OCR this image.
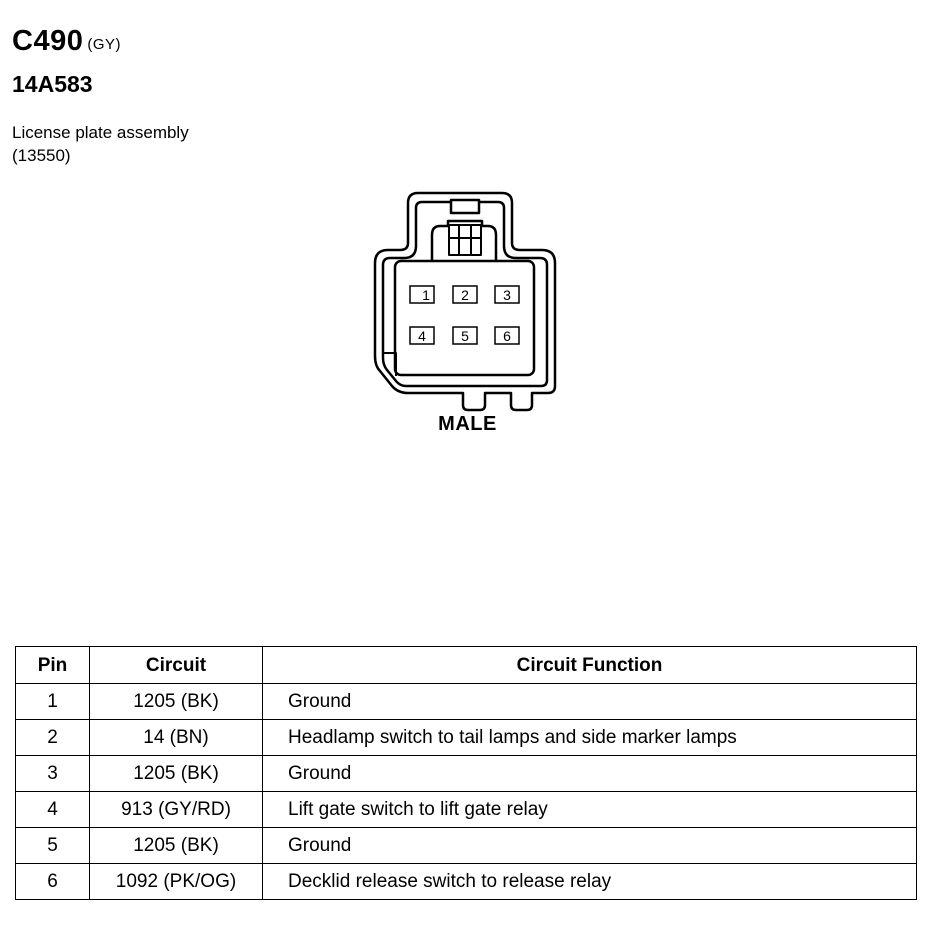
C490 $^{(GY)}$
14A583
License plate assembly
(13550)
1 2 3
4	5 6
MALE
Pin	Circuit	Circuit Function
1	1205 (BK)	Ground
2	14 (BN)	Headlamp switch to tail lamps and side marker lamps
3	1205 (BK)	Ground
4	913 (GY/RD)	Lift gate switch to lift gate relay
5	1205 (BK)	Ground
6	1092 (PK/OG)	Decklid release switch to release relay
